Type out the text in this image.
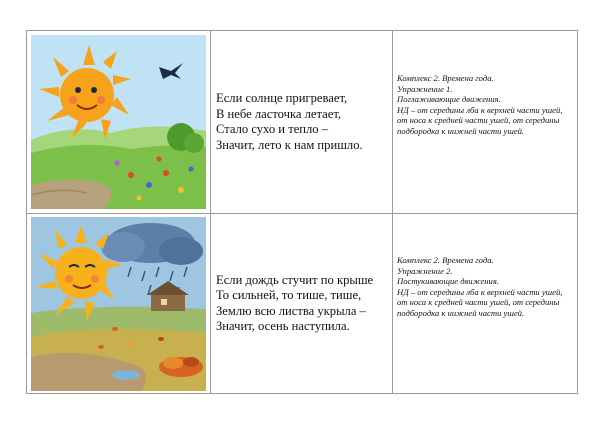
Если солнце пригревает,
В небе ласточка летает,
Стало сухо и тепло –
Значит, лето к нам пришло.
Комплекс 2. Времена года.
Упражнение 1.
Поглаживающие движения.
НД – от середины лба к верхней части ушей, от носа к средней части ушей, от середины подбородка к нижней части ушей.
Если дождь стучит по крыше
То сильней, то тише, тише,
Землю всю листва укрыла –
Значит, осень наступила.
Комплекс 2. Времена года.
Упражнение 2.
Постукивающие движения.
НД – от середины лба к верхней части ушей, от носа к средней части ушей, от середины подбородка к нижней части ушей.
